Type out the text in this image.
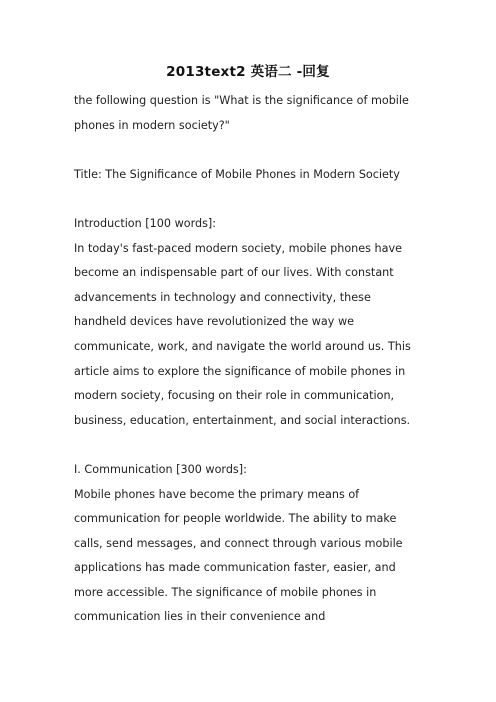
2013text2 英语二 -回复

the following question is "What is the significance of mobile phones in modern society?"

Title: The Significance of Mobile Phones in Modern Society

Introduction [100 words]:

In today's fast-paced modern society, mobile phones have become an indispensable part of our lives. With constant advancements in technology and connectivity, these handheld devices have revolutionized the way we communicate, work, and navigate the world around us. This article aims to explore the significance of mobile phones in modern society, focusing on their role in communication, business, education, entertainment, and social interactions.

I. Communication [300 words]:

Mobile phones have become the primary means of communication for people worldwide. The ability to make calls, send messages, and connect through various mobile applications has made communication faster, easier, and more accessible. The significance of mobile phones in communication lies in their convenience and
